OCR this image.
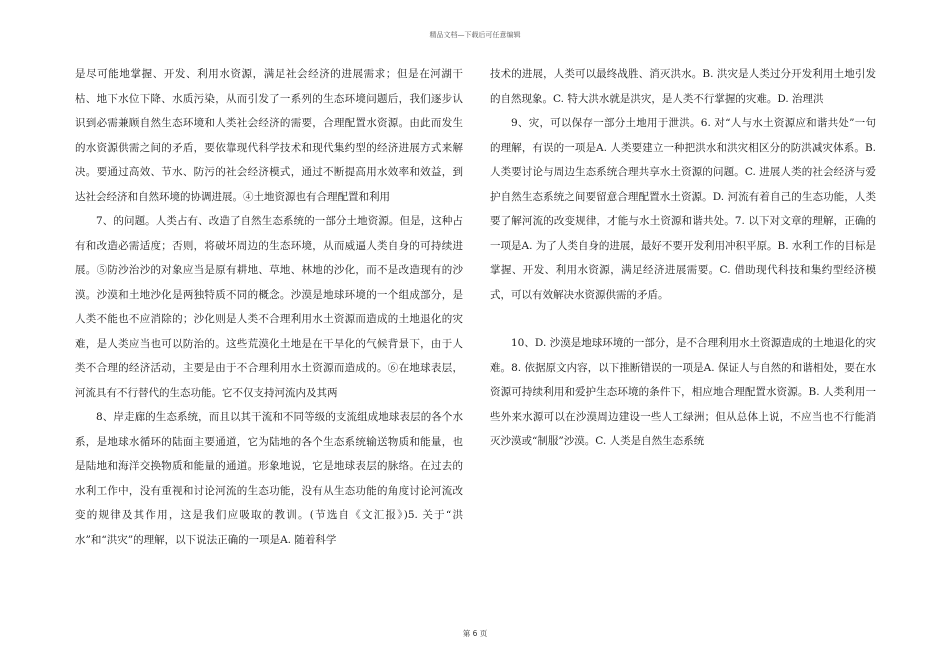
精品文档—下载后可任意编辑

是尽可能地掌握、开发、利用水资源，满足社会经济的进展需求；但是在河湖干枯、地下水位下降、水质污染，从而引发了一系列的生态环境问题后，我们逐步认识到必需兼顾自然生态环境和人类社会经济的需要，合理配置水资源。由此而发生的水资源供需之间的矛盾，要依靠现代科学技术和现代集约型的经济进展方式来解决。要通过高效、节水、防污的社会经济模式，通过不断提高用水效率和效益，到达社会经济和自然环境的协调进展。④土地资源也有合理配置和利用

7、的问题。人类占有、改造了自然生态系统的一部分土地资源。但是，这种占有和改造必需适度；否则，将破坏周边的生态环境，从而威逼人类自身的可持续进展。⑤防沙治沙的对象应当是原有耕地、草地、林地的沙化，而不是改造现有的沙漠。沙漠和土地沙化是两独特质不同的概念。沙漠是地球环境的一个组成部分，是人类不能也不应消除的；沙化则是人类不合理利用水土资源而造成的土地退化的灾难，是人类应当也可以防治的。这些荒漠化土地是在干旱化的气候背景下，由于人类不合理的经济活动，主要是由于不合理利用水土资源而造成的。⑥在地球表层，河流具有不行替代的生态功能。它不仅支持河流内及其两

8、岸走廊的生态系统，而且以其干流和不同等级的支流组成地球表层的各个水系，是地球水循环的陆面主要通道，它为陆地的各个生态系统输送物质和能量，也是陆地和海洋交换物质和能量的通道。形象地说，它是地球表层的脉络。在过去的水利工作中，没有重视和讨论河流的生态功能，没有从生态功能的角度讨论河流改变的规律及其作用，这是我们应吸取的教训。(节选自《文汇报》)5. 关于“洪水”和“洪灾”的理解，以下说法正确的一项是A. 随着科学

技术的进展，人类可以最终战胜、消灭洪水。B. 洪灾是人类过分开发利用土地引发的自然现象。C. 特大洪水就是洪灾，是人类不行掌握的灾难。D. 治理洪

9、灾，可以保存一部分土地用于泄洪。6. 对“人与水土资源应和谐共处”一句的理解，有误的一项是A. 人类要建立一种把洪水和洪灾相区分的防洪减灾体系。B. 人类要讨论与周边生态系统合理共享水土资源的问题。C. 进展人类的社会经济与爱护自然生态系统之间要留意合理配置水土资源。D. 河流有着自己的生态功能，人类要了解河流的改变规律，才能与水土资源和谐共处。7. 以下对文章的理解，正确的一项是A. 为了人类自身的进展，最好不要开发利用冲积平原。B. 水利工作的目标是掌握、开发、利用水资源，满足经济进展需要。C. 借助现代科技和集约型经济模式，可以有效解决水资源供需的矛盾。

10、D. 沙漠是地球环境的一部分，是不合理利用水土资源造成的土地退化的灾难。8. 依据原文内容，以下推断错误的一项是A. 保证人与自然的和谐相处，要在水资源可持续利用和爱护生态环境的条件下，相应地合理配置水资源。B. 人类利用一些外来水源可以在沙漠周边建设一些人工绿洲；但从总体上说，不应当也不行能消灭沙漠或“制服”沙漠。C. 人类是自然生态系统

第 6 页
